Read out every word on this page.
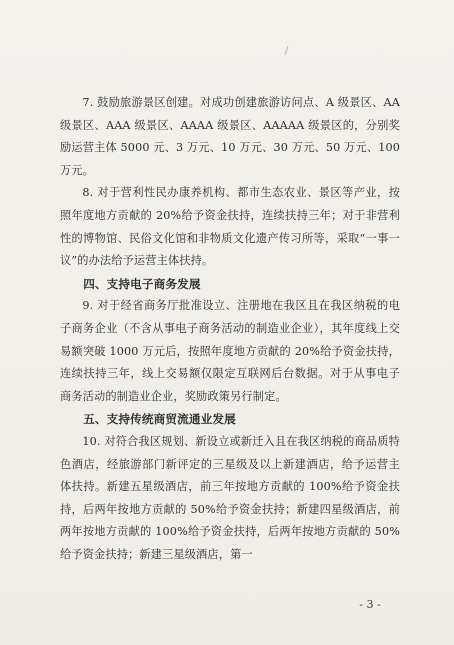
7. 鼓励旅游景区创建。对成功创建旅游访问点、A 级景区、AA 级景区、AAA 级景区、AAAA 级景区、AAAAA 级景区的，分别奖励运营主体 5000 元、3 万元、10 万元、30 万元、50 万元、100 万元。

8. 对于营利性民办康养机构、都市生态农业、景区等产业，按照年度地方贡献的 20%给予资金扶持，连续扶持三年；对于非营利性的博物馆、民俗文化馆和非物质文化遗产传习所等，采取“一事一议”的办法给予运营主体扶持。

四、支持电子商务发展

9. 对于经省商务厅批准设立、注册地在我区且在我区纳税的电子商务企业（不含从事电子商务活动的制造业企业），其年度线上交易额突破 1000 万元后，按照年度地方贡献的 20%给予资金扶持，连续扶持三年，线上交易额仅限定互联网后台数据。对于从事电子商务活动的制造业企业，奖励政策另行制定。

五、支持传统商贸流通业发展

10. 对符合我区规划、新设立或新迁入且在我区纳税的商品质特色酒店，经旅游部门新评定的三星级及以上新建酒店，给予运营主体扶持。新建五星级酒店，前三年按地方贡献的 100%给予资金扶持，后两年按地方贡献的 50%给予资金扶持；新建四星级酒店，前两年按地方贡献的 100%给予资金扶持，后两年按地方贡献的 50%给予资金扶持；新建三星级酒店，第一

- 3 -
